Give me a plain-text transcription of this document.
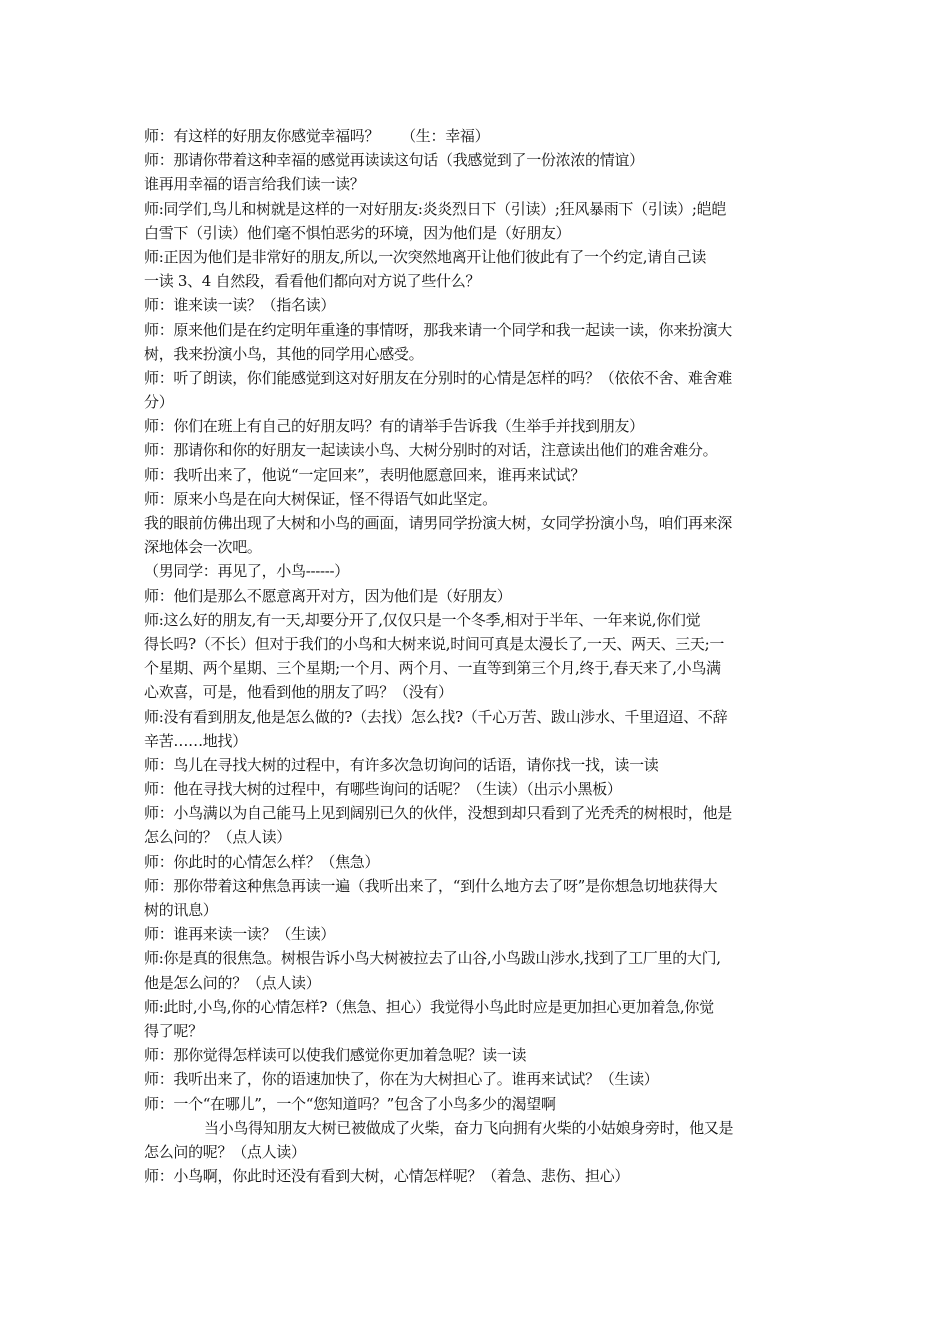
师：有这样的好朋友你感觉幸福吗？　　（生：幸福）
师：那请你带着这种幸福的感觉再读读这句话（我感觉到了一份浓浓的情谊）
谁再用幸福的语言给我们读一读？
师:同学们,鸟儿和树就是这样的一对好朋友:炎炎烈日下（引读）;狂风暴雨下（引读）;皑皑
白雪下（引读）他们毫不惧怕恶劣的环境，因为他们是（好朋友）
师:正因为他们是非常好的朋友,所以,一次突然地离开让他们彼此有了一个约定,请自己读
一读 3、4 自然段，看看他们都向对方说了些什么？
师：谁来读一读？（指名读）
师：原来他们是在约定明年重逢的事情呀，那我来请一个同学和我一起读一读，你来扮演大
树，我来扮演小鸟，其他的同学用心感受。
师：听了朗读，你们能感觉到这对好朋友在分别时的心情是怎样的吗？（依依不舍、难舍难
分）
师：你们在班上有自己的好朋友吗？有的请举手告诉我（生举手并找到朋友）
师：那请你和你的好朋友一起读读小鸟、大树分别时的对话，注意读出他们的难舍难分。
师：我听出来了，他说“一定回来”，表明他愿意回来，谁再来试试？
师：原来小鸟是在向大树保证，怪不得语气如此坚定。
我的眼前仿佛出现了大树和小鸟的画面，请男同学扮演大树，女同学扮演小鸟，咱们再来深
深地体会一次吧。
（男同学：再见了，小鸟------）
师：他们是那么不愿意离开对方，因为他们是（好朋友）
师:这么好的朋友,有一天,却要分开了,仅仅只是一个冬季,相对于半年、一年来说,你们觉
得长吗?（不长）但对于我们的小鸟和大树来说,时间可真是太漫长了,一天、两天、三天;一
个星期、两个星期、三个星期;一个月、两个月、一直等到第三个月,终于,春天来了,小鸟满
心欢喜，可是，他看到他的朋友了吗？（没有）
师:没有看到朋友,他是怎么做的?（去找）怎么找?（千心万苦、跋山涉水、千里迢迢、不辞
辛苦……地找）
师：鸟儿在寻找大树的过程中，有许多次急切询问的话语，请你找一找，读一读
师：他在寻找大树的过程中，有哪些询问的话呢？（生读）（出示小黑板）
师：小鸟满以为自己能马上见到阔别已久的伙伴，没想到却只看到了光秃秃的树根时，他是
怎么问的？（点人读）
师：你此时的心情怎么样？（焦急）
师：那你带着这种焦急再读一遍（我听出来了，“到什么地方去了呀”是你想急切地获得大
树的讯息）
师：谁再来读一读？（生读）
师:你是真的很焦急。树根告诉小鸟大树被拉去了山谷,小鸟跋山涉水,找到了工厂里的大门,
他是怎么问的？（点人读）
师:此时,小鸟,你的心情怎样?（焦急、担心）我觉得小鸟此时应是更加担心更加着急,你觉
得了呢？
师：那你觉得怎样读可以使我们感觉你更加着急呢？读一读
师：我听出来了，你的语速加快了，你在为大树担心了。谁再来试试？（生读）
师：一个“在哪儿”，一个“您知道吗？”包含了小鸟多少的渴望啊
当小鸟得知朋友大树已被做成了火柴，奋力飞向拥有火柴的小姑娘身旁时，他又是
怎么问的呢？（点人读）
师：小鸟啊，你此时还没有看到大树，心情怎样呢？（着急、悲伤、担心）
